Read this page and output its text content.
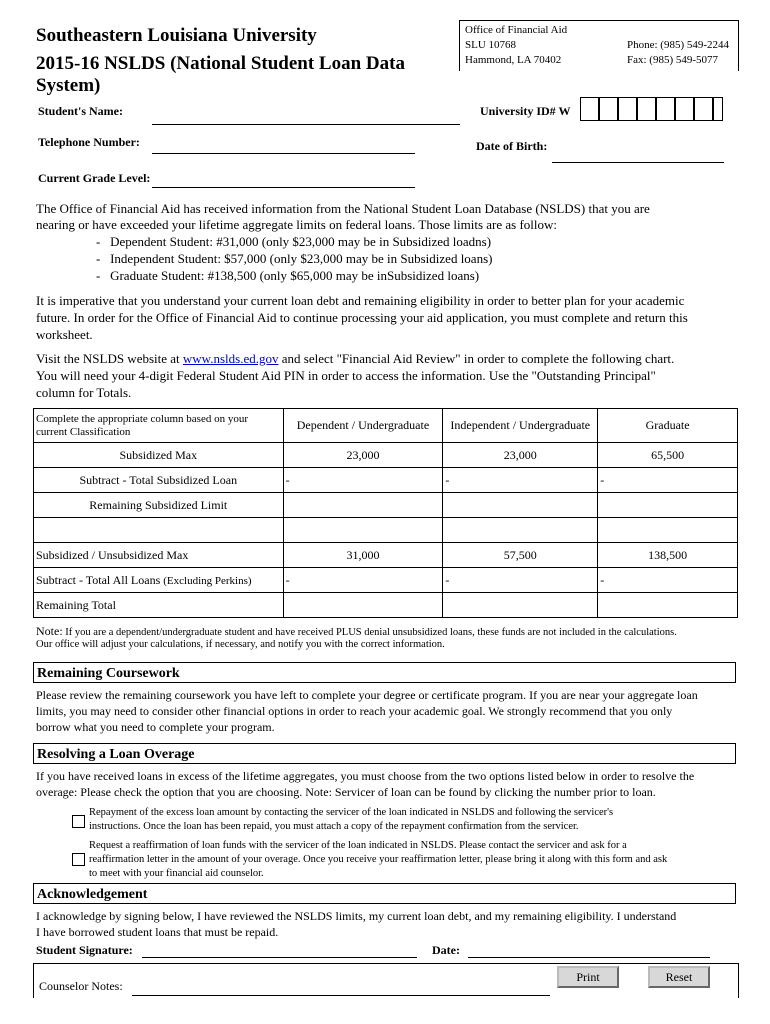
Southeastern Louisiana University
2015-16 NSLDS (National Student Loan Data
System)
Office of Financial Aid
SLU 10768
Hammond, LA 70402
Phone: (985) 549-2244
Fax: (985) 549-5077
Student's Name:	University ID# W
Telephone Number:	Date of Birth:
Current Grade Level:
The Office of Financial Aid has received information from the National Student Loan Database (NSLDS) that you are
nearing or have exceeded your lifetime aggregate limits on federal loans. Those limits are as follow:
-   Dependent Student: #31,000 (only $23,000 may be in Subsidized loadns)
-   Independent Student: $57,000 (only $23,000 may be in Subsidized loans)
-   Graduate Student: #138,500 (only $65,000 may be inSubsidized loans)
It is imperative that you understand your current loan debt and remaining eligibility in order to better plan for your academic
future. In order for the Office of Financial Aid to continue processing your aid application, you must complete and return this
worksheet.
Visit the NSLDS website at www.nslds.ed.gov and select "Financial Aid Review" in order to complete the following chart.
You will need your 4-digit Federal Student Aid PIN in order to access the information. Use the "Outstanding Principal"
column for Totals.
Complete the appropriate column based on your current Classification	Dependent / Undergraduate	Independent / Undergraduate	Graduate
Subsidized Max	23,000	23,000	65,500
Subtract - Total Subsidized Loan	-	-	-
Remaining Subsidized Limit			

Subsidized / Unsubsidized Max	31,000	57,500	138,500
Subtract - Total All Loans (Excluding Perkins)	-	-	-
Remaining Total			
Note: If you are a dependent/undergraduate student and have received PLUS denial unsubsidized loans, these funds are not included in the calculations.
Our office will adjust your calculations, if necessary, and notify you with the correct information.
Remaining Coursework
Please review the remaining coursework you have left to complete your degree or certificate program. If you are near your aggregate loan
limits, you may need to consider other financial options in order to reach your academic goal. We strongly recommend that you only
borrow what you need to complete your program.
Resolving a Loan Overage
If you have received loans in excess of the lifetime aggregates, you must choose from the two options listed below in order to resolve the
overage: Please check the option that you are choosing. Note: Servicer of loan can be found by clicking the number prior to loan.
Repayment of the excess loan amount by contacting the servicer of the loan indicated in NSLDS and following the servicer's
instructions. Once the loan has been repaid, you must attach a copy of the repayment confirmation from the servicer.
Request a reaffirmation of loan funds with the servicer of the loan indicated in NSLDS. Please contact the servicer and ask for a
reaffirmation letter in the amount of your overage. Once you receive your reaffirmation letter, please bring it along with this form and ask
to meet with your financial aid counselor.
Acknowledgement
I acknowledge by signing below, I have reviewed the NSLDS limits, my current loan debt, and my remaining eligibility. I understand
I have borrowed student loans that must be repaid.
Student Signature:	Date:
Counselor Notes:
Print	Reset
